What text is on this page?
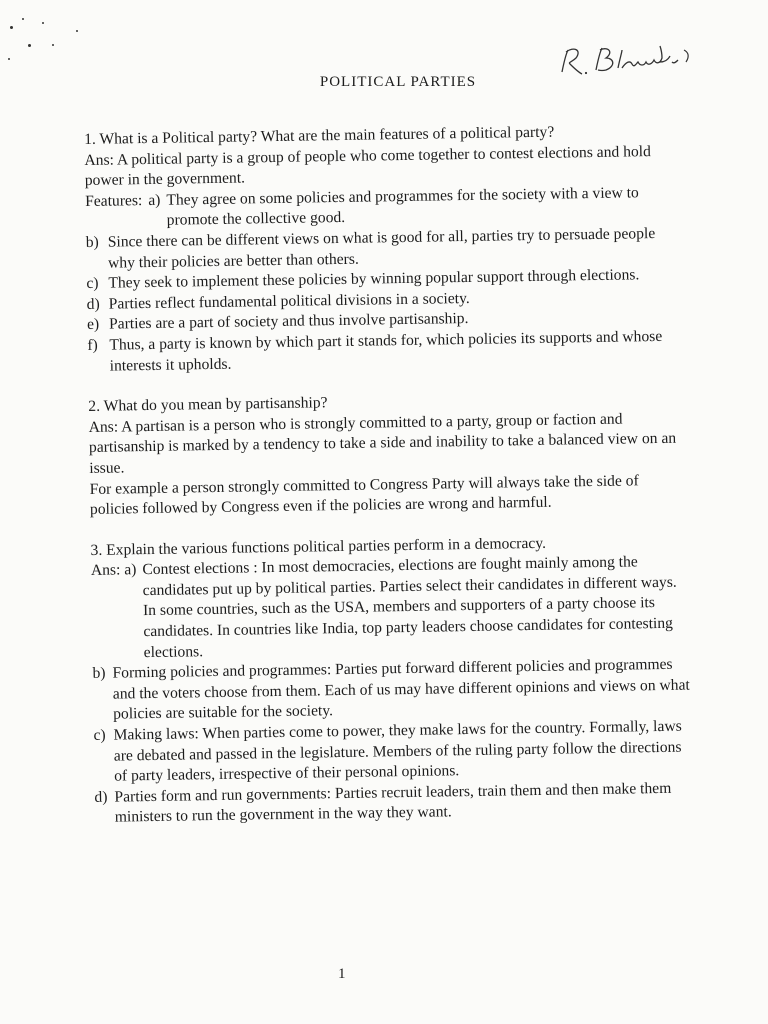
POLITICAL PARTIES
1. What is a Political party? What are the main features of a political party?
Ans: A political party is a group of people who come together to contest elections and hold power in the government.
Features: a) They agree on some policies and programmes for the society with a view to promote the collective good.
b) Since there can be different views on what is good for all, parties try to persuade people why their policies are better than others.
c) They seek to implement these policies by winning popular support through elections.
d) Parties reflect fundamental political divisions in a society.
e) Parties are a part of society and thus involve partisanship.
f) Thus, a party is known by which part it stands for, which policies its supports and whose interests it upholds.
2. What do you mean by partisanship?
Ans: A partisan is a person who is strongly committed to a party, group or faction and partisanship is marked by a tendency to take a side and inability to take a balanced view on an issue.
For example a person strongly committed to Congress Party will always take the side of policies followed by Congress even if the policies are wrong and harmful.
3. Explain the various functions political parties perform in a democracy.
Ans: a) Contest elections : In most democracies, elections are fought mainly among the candidates put up by political parties. Parties select their candidates in different ways. In some countries, such as the USA, members and supporters of a party choose its candidates. In countries like India, top party leaders choose candidates for contesting elections.
b) Forming policies and programmes: Parties put forward different policies and programmes and the voters choose from them. Each of us may have different opinions and views on what policies are suitable for the society.
c) Making laws: When parties come to power, they make laws for the country. Formally, laws are debated and passed in the legislature. Members of the ruling party follow the directions of party leaders, irrespective of their personal opinions.
d) Parties form and run governments: Parties recruit leaders, train them and then make them ministers to run the government in the way they want.
1
